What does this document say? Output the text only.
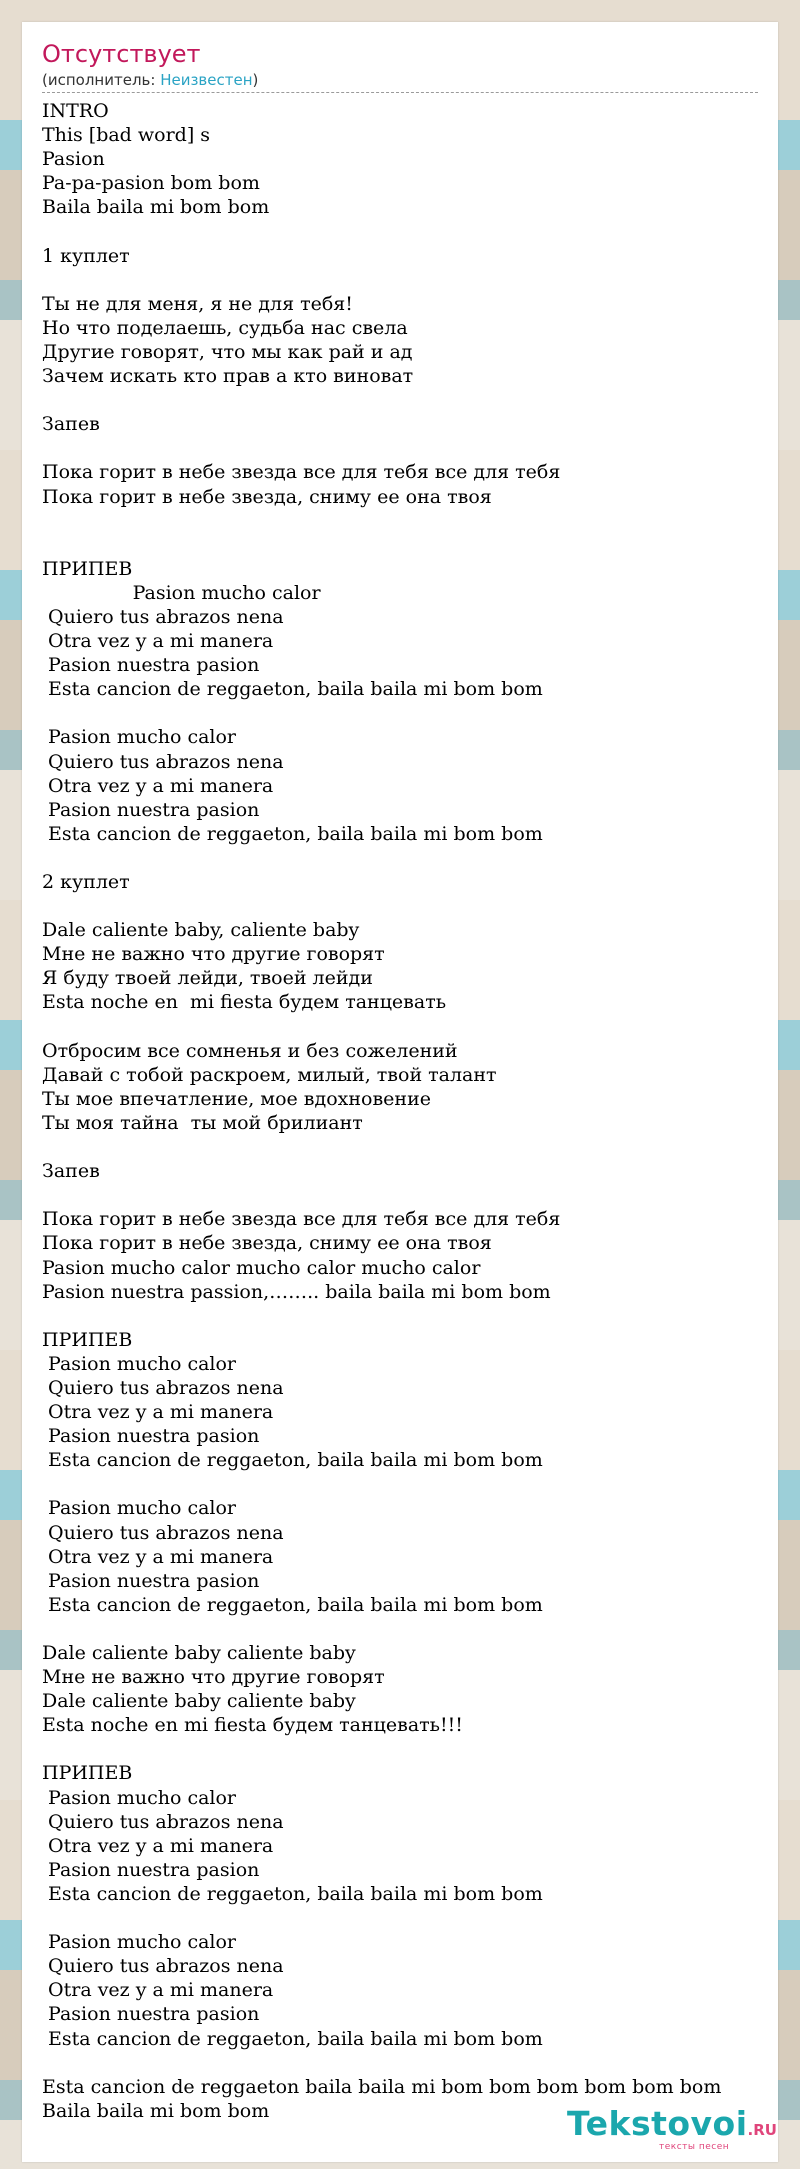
Отсутствует
(исполнитель: Неизвестен)
INTRO
This [bad word] s
Pasion
Pa-pa-pasion bom bom
Baila baila mi bom bom

1 куплет

Ты не для меня, я не для тебя!
Но что поделаешь, судьба нас свела
Другие говорят, что мы как рай и ад
Зачем искать кто прав а кто виноват

Запев

Пока горит в небе звезда все для тебя все для тебя
Пока горит в небе звезда, сниму ее она твоя

ПРИПЕВ
Pasion mucho calor
Quiero tus abrazos nena
Otra vez y a mi manera
Pasion nuestra pasion
Esta cancion de reggaeton, baila baila mi bom bom

Pasion mucho calor
Quiero tus abrazos nena
Otra vez y a mi manera
Pasion nuestra pasion
Esta cancion de reggaeton, baila baila mi bom bom

2 куплет

Dale caliente baby, caliente baby
Мне не важно что другие говорят
Я буду твоей лейди, твоей лейди
Esta noche en  mi fiesta будем танцевать

Отбросим все сомненья и без сожелений
Давай с тобой раскроем, милый, твой талант
Ты мое впечатление, мое вдохновение
Ты моя тайна  ты мой брилиант

Запев

Пока горит в небе звезда все для тебя все для тебя
Пока горит в небе звезда, сниму ее она твоя
Pasion mucho calor mucho calor mucho calor
Pasion nuestra passion,…….. baila baila mi bom bom

ПРИПЕВ
Pasion mucho calor
Quiero tus abrazos nena
Otra vez y a mi manera
Pasion nuestra pasion
Esta cancion de reggaeton, baila baila mi bom bom

Pasion mucho calor
Quiero tus abrazos nena
Otra vez y a mi manera
Pasion nuestra pasion
Esta cancion de reggaeton, baila baila mi bom bom

Dale caliente baby caliente baby
Мне не важно что другие говорят
Dale caliente baby caliente baby
Esta noche en mi fiesta будем танцевать!!!

ПРИПЕВ
Pasion mucho calor
Quiero tus abrazos nena
Otra vez y a mi manera
Pasion nuestra pasion
Esta cancion de reggaeton, baila baila mi bom bom

Pasion mucho calor
Quiero tus abrazos nena
Otra vez y a mi manera
Pasion nuestra pasion
Esta cancion de reggaeton, baila baila mi bom bom

Esta cancion de reggaeton baila baila mi bom bom bom bom bom bom
Baila baila mi bom bom	Tekstovoi.RU
тексты песен
